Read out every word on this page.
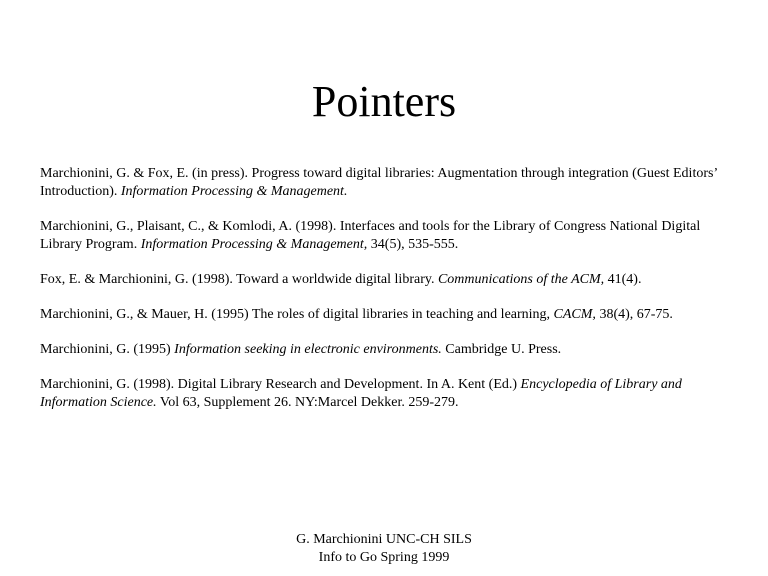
Pointers

Marchionini, G. & Fox, E. (in press). Progress toward digital libraries: Augmentation through integration (Guest Editors’ Introduction). Information Processing & Management.

Marchionini, G., Plaisant, C., & Komlodi, A. (1998). Interfaces and tools for the Library of Congress National Digital Library Program. Information Processing & Management, 34(5), 535-555.

Fox, E. & Marchionini, G. (1998). Toward a worldwide digital library. Communications of the ACM, 41(4).

Marchionini, G., & Mauer, H. (1995) The roles of digital libraries in teaching and learning, CACM, 38(4), 67-75.

Marchionini, G. (1995) Information seeking in electronic environments. Cambridge U. Press.

Marchionini, G. (1998). Digital Library Research and Development. In A. Kent (Ed.) Encyclopedia of Library and Information Science. Vol 63, Supplement 26. NY:Marcel Dekker. 259-279.

G. Marchionini UNC-CH SILS
Info to Go Spring 1999
